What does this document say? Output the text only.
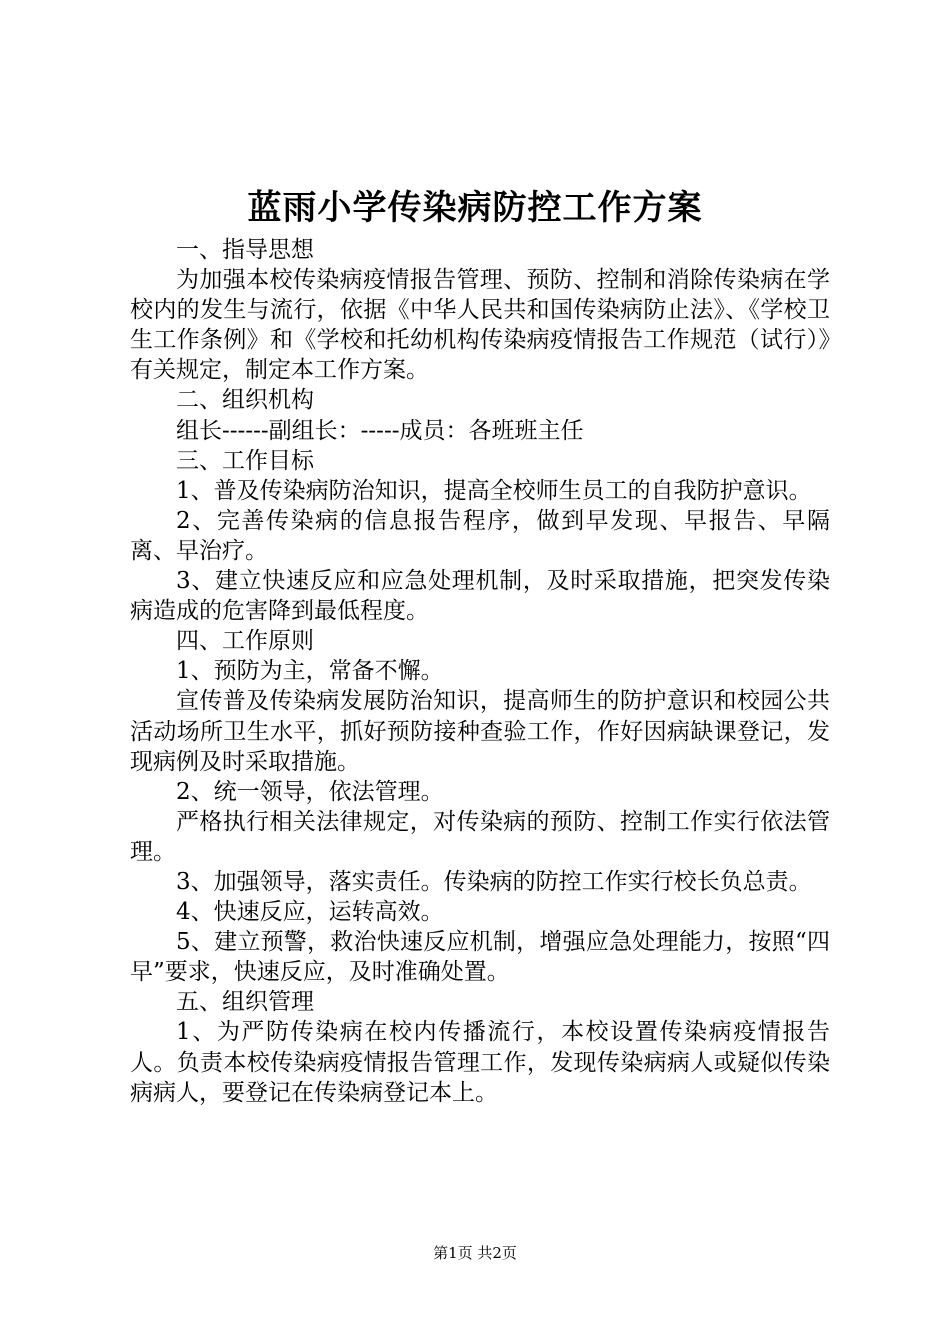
蓝雨小学传染病防控工作方案

一、指导思想

为加强本校传染病疫情报告管理、预防、控制和消除传染病在学校内的发生与流行，依据《中华人民共和国传染病防止法》、《学校卫生工作条例》和《学校和托幼机构传染病疫情报告工作规范（试行）》有关规定，制定本工作方案。

二、组织机构

组长------副组长：-----成员：各班班主任

三、工作目标

1、普及传染病防治知识，提高全校师生员工的自我防护意识。

2、完善传染病的信息报告程序，做到早发现、早报告、早隔离、早治疗。

3、建立快速反应和应急处理机制，及时采取措施，把突发传染病造成的危害降到最低程度。

四、工作原则

1、预防为主，常备不懈。

宣传普及传染病发展防治知识，提高师生的防护意识和校园公共活动场所卫生水平，抓好预防接种查验工作，作好因病缺课登记，发现病例及时采取措施。

2、统一领导，依法管理。

严格执行相关法律规定，对传染病的预防、控制工作实行依法管理。

3、加强领导，落实责任。传染病的防控工作实行校长负总责。

4、快速反应，运转高效。

5、建立预警，救治快速反应机制，增强应急处理能力，按照“四早”要求，快速反应，及时准确处置。

五、组织管理

1、为严防传染病在校内传播流行，本校设置传染病疫情报告人。负责本校传染病疫情报告管理工作，发现传染病病人或疑似传染病病人，要登记在传染病登记本上。

第1页 共2页
